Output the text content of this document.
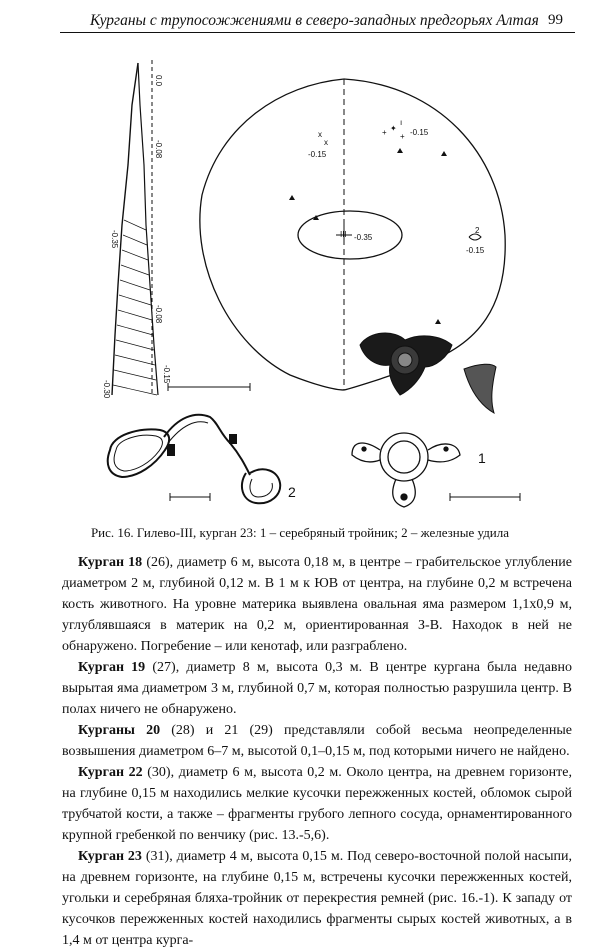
Курганы с трупосожжениями в северо-западных предгорьях Алтая 99
0.0
-0.08
-0.35
-0.08
-0.15
-0.30
x
x
+ ✦
+
ı
-0.15
-0.15
-0.35
-0.15
2
III
1
2
Рис. 16. Гилево-III, курган 23: 1 – серебряный тройник; 2 – железные удила

Курган 18 (26), диаметр 6 м, высота 0,18 м, в центре – грабительское углубление диаметром 2 м, глубиной 0,12 м. В 1 м к ЮВ от центра, на глубине 0,2 м встречена кость животного. На уровне материка выявлена овальная яма размером 1,1х0,9 м, углублявшаяся в материк на 0,2 м, ориентированная З-В. Находок в ней не обнаружено. Погребение – или кенотаф, или разграблено.

Курган 19 (27), диаметр 8 м, высота 0,3 м. В центре кургана была недавно вырытая яма диаметром 3 м, глубиной 0,7 м, которая полностью разрушила центр. В полах ничего не обнаружено.

Курганы 20 (28) и 21 (29) представляли собой весьма неопределенные возвышения диаметром 6–7 м, высотой 0,1–0,15 м, под которыми ничего не найдено.

Курган 22 (30), диаметр 6 м, высота 0,2 м. Около центра, на древнем горизонте, на глубине 0,15 м находились мелкие кусочки пережженных костей, обломок сырой трубчатой кости, а также – фрагменты грубого лепного сосуда, орнаментированного крупной гребенкой по венчику (рис. 13.-5,6).

Курган 23 (31), диаметр 4 м, высота 0,15 м. Под северо-восточной полой насыпи, на древнем горизонте, на глубине 0,15 м, встречены кусочки пережженных костей, угольки и серебряная бляха-тройник от перекрестия ремней (рис. 16.-1). К западу от кусочков пережженных костей находились фрагменты сырых костей животных, а в 1,4 м от центра курга-
